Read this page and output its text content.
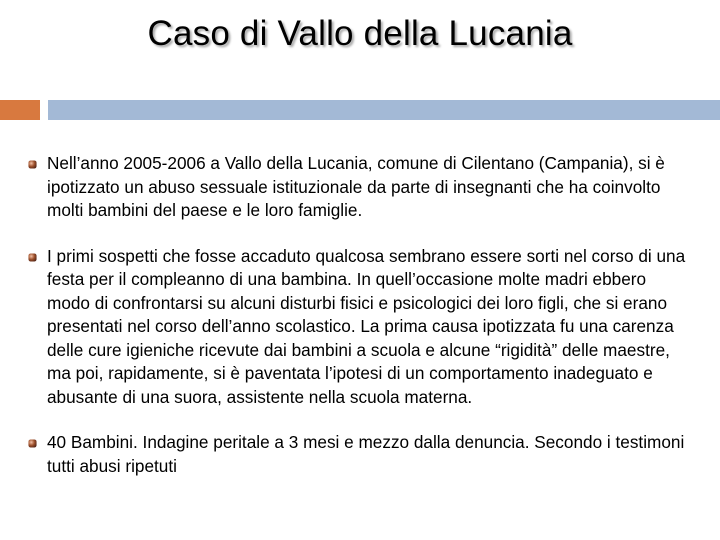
Caso di Vallo della Lucania
Nell’anno 2005-2006 a Vallo della Lucania, comune di Cilentano (Campania), si è ipotizzato un abuso sessuale istituzionale da parte di insegnanti che ha coinvolto molti bambini del paese e le loro famiglie.
I primi sospetti che fosse accaduto qualcosa sembrano essere sorti nel corso di una festa per il compleanno di una bambina. In quell’occasione molte madri ebbero modo di confrontarsi su alcuni disturbi fisici e psicologici dei loro figli, che si erano presentati nel corso dell’anno scolastico. La prima causa ipotizzata fu una carenza delle cure igieniche ricevute dai bambini a scuola e alcune “rigidità” delle maestre, ma poi, rapidamente, si è paventata l’ipotesi di un comportamento inadeguato e abusante di una suora, assistente nella scuola materna.
40 Bambini. Indagine peritale a 3 mesi e mezzo dalla denuncia. Secondo i testimoni tutti abusi ripetuti
